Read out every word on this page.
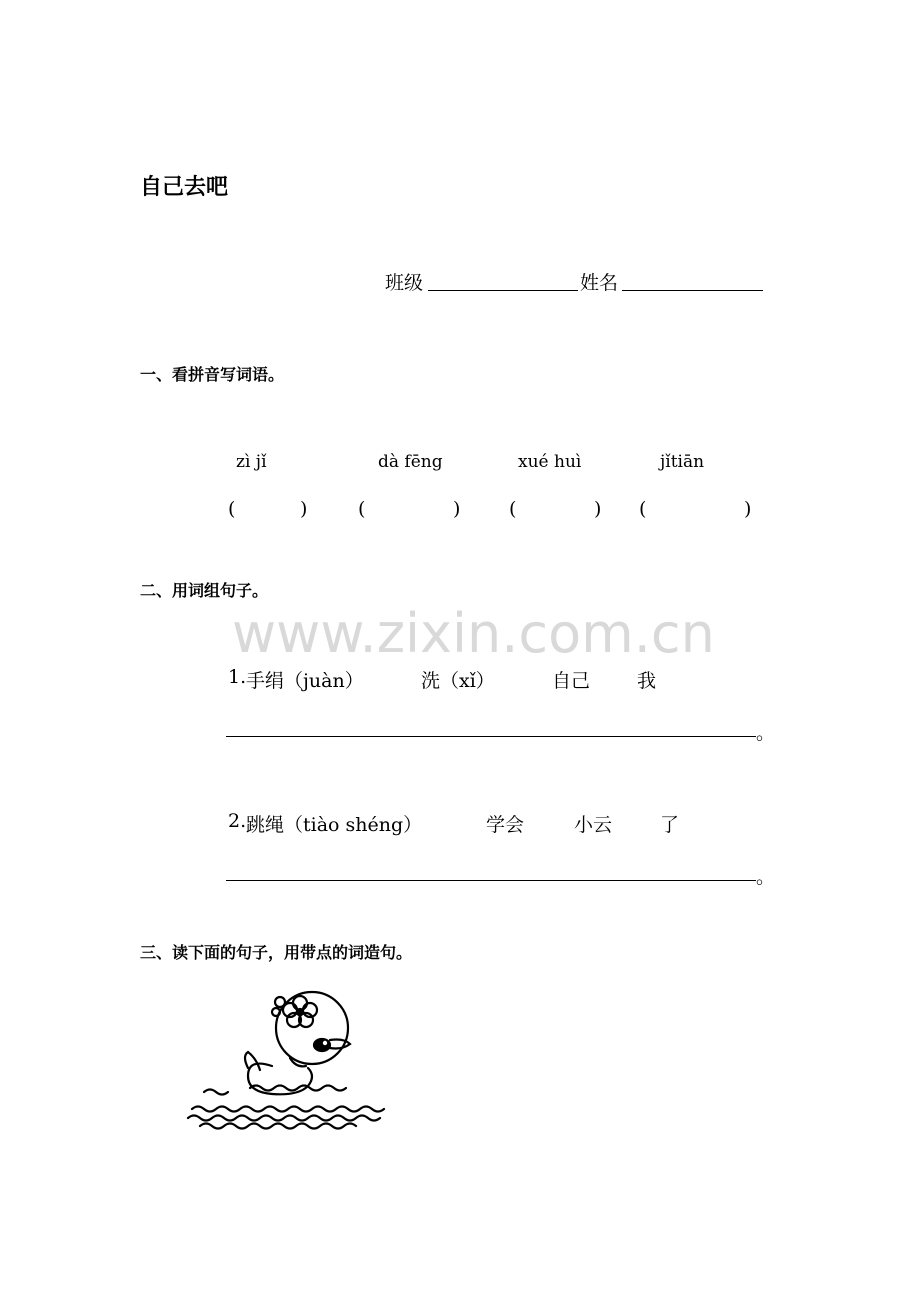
自己去吧
班级	姓名
一、看拼音写词语。
zì jǐ	dà fēng	xué huì	jǐtiān
(	)	(	)	(	) (	)
二、用词组句子。
www.zixin.com.cn
1. 手绢（juàn）	洗（xǐ）	自己 我
。
2. 跳绳（tiào shéng）	学会	小云	了
。
三、读下面的句子，用带点的词造句。
